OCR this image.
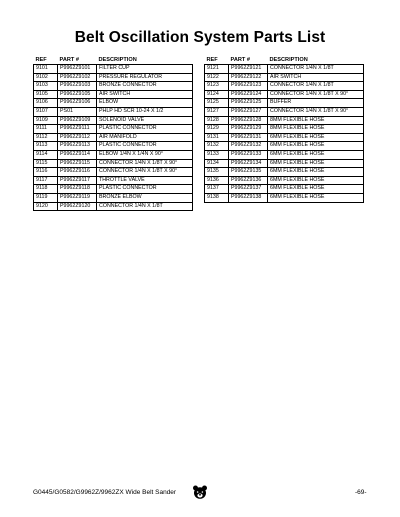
Belt Oscillation System Parts List
REF	PART #	DESCRIPTION
9101	P9962Z9101	FILTER CUP
9102	P9962Z9102	PRESSURE REGULATOR
9103	P9962Z9103	BRONZE CONNECTOR
9105	P9962Z9105	AIR SWITCH
9106	P9962Z9106	ELBOW
9107	PS01	PHLP HD SCR 10-24 X 1/2
9109	P9962Z9109	SOLENOID VALVE
9111	P9962Z9111	PLASTIC CONNECTOR
9112	P9962Z9112	AIR MANIFOLD
9113	P9962Z9113	PLASTIC CONNECTOR
9114	P9962Z9114	ELBOW 1/4N X 1/4N X 90°
9115	P9962Z9115	CONNECTOR 1/4N X 1/8T X 90°
9116	P9962Z9116	CONNECTOR 1/4N X 1/8T X 90°
9117	P9962Z9117	THROTTLE VALVE
9118	P9962Z9118	PLASTIC CONNECTOR
9119	P9962Z9119	BRONZE ELBOW
9120	P9962Z9120	CONNECTOR 1/4N X 1/8T
REF	PART #	DESCRIPTION
9121	P9962Z9121	CONNECTOR 1/4N X 1/8T
9122	P9962Z9122	AIR SWITCH
9123	P9962Z9123	CONNECTOR 1/4N X 1/8T
9124	P9962Z9124	CONNECTOR 1/4N X 1/8T X 90°
9125	P9962Z9125	BUFFER
9127	P9962Z9127	CONNECTOR 1/4N X 1/8T X 90°
9128	P9962Z9128	8MM FLEXIBLE HOSE
9129	P9962Z9129	8MM FLEXIBLE HOSE
9131	P9962Z9131	6MM FLEXIBLE HOSE
9132	P9962Z9132	6MM FLEXIBLE HOSE
9133	P9962Z9133	6MM FLEXIBLE HOSE
9134	P9962Z9134	6MM FLEXIBLE HOSE
9135	P9962Z9135	6MM FLEXIBLE HOSE
9136	P9962Z9136	6MM FLEXIBLE HOSE
9137	P9962Z9137	6MM FLEXIBLE HOSE
9138	P9962Z9138	6MM FLEXIBLE HOSE
G0445/G0582/G9962Z/9962ZX Wide Belt Sander	-69-
